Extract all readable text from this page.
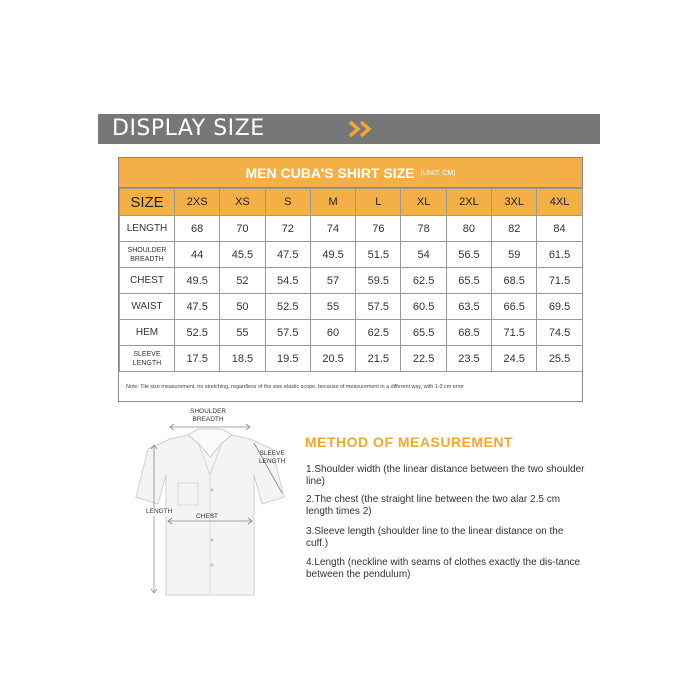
DISPLAY SIZE
MEN CUBA'S SHIRT SIZE (UNIT: CM)
SIZE	2XS	XS	S	M	L	XL	2XL	3XL	4XL
LENGTH	68	70	72	74	76	78	80	82	84
SHOULDER BREADTH	44	45.5	47.5	49.5	51.5	54	56.5	59	61.5
CHEST	49.5	52	54.5	57	59.5	62.5	65.5	68.5	71.5
WAIST	47.5	50	52.5	55	57.5	60.5	63.5	66.5	69.5
HEM	52.5	55	57.5	60	62.5	65.5	68.5	71.5	74.5
SLEEVE LENGTH	17.5	18.5	19.5	20.5	21.5	22.5	23.5	24.5	25.5
Note: Tile size measurement, no stretching, regardless of the size elastic scope, because of measurement in a different way, with 1-3 cm error
SHOULDER
BREADTH
SLEEVE
LENGTH
LENGTH
CHEST
METHOD OF MEASUREMENT
1.Shoulder width (the linear distance between the two shoulder line)
2.The chest (the straight line between the two alar 2.5 cm length times 2)
3.Sleeve length (shoulder line to the linear distance on the cuff.)
4.Length (neckline with seams of clothes exactly the dis-tance between the pendulum)
